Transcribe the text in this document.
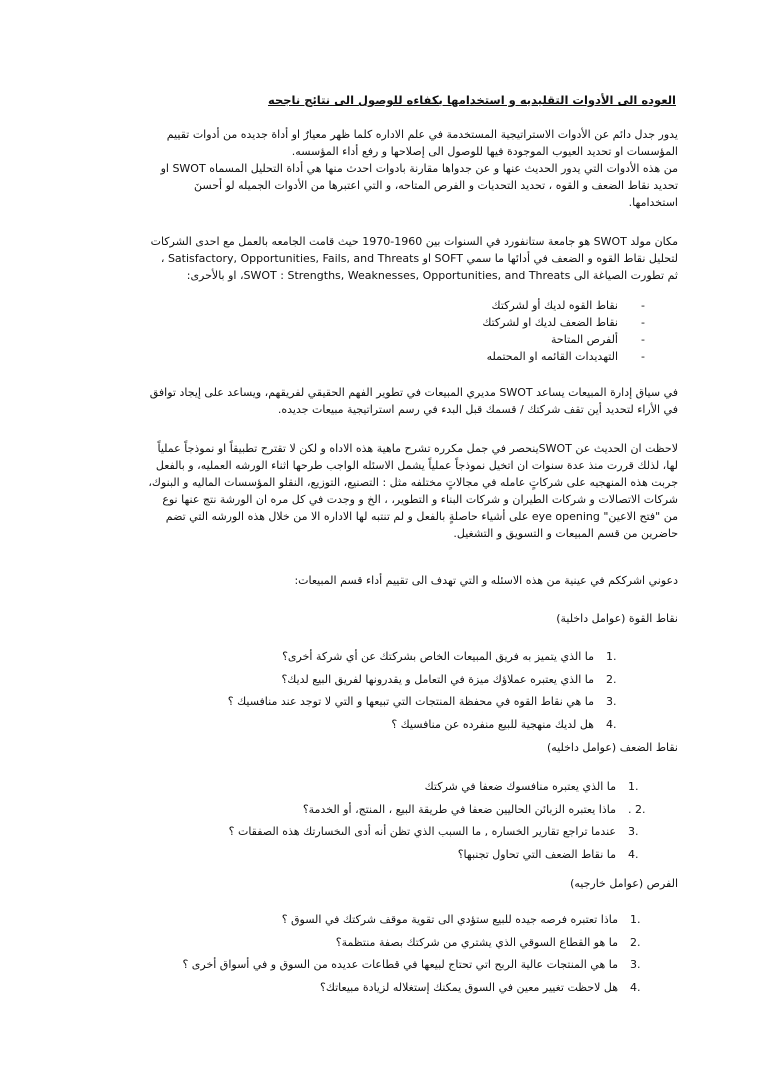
العوده الى الأدوات التقليديه و استخدامها بكفاءه للوصول الى نتائج ناجحه

يدور جدل دائم عن الأدوات الاستراتيجية المستخدمة في علم الاداره كلما ظهر معيارٌ او أداة جديده من أدوات تقييم

المؤسسات او تحديد العيوب الموجودة فيها للوصول الى إصلاحها و رفع أداء المؤسسه.

من هذه الأدوات التي يدور الحديث عنها و عن جدواها مقارنة بادوات احدث منها هي أداة التحليل المسماه SWOT او

تحديد نقاط الضعف و القوه ، تحديد التحديات و الفرص المتاحه، و التي اعتبرها من الأدوات الجميله لو أحسنَ

استخدامها.

مكان مولد SWOT هو جامعة ستانفورد في السنوات بين 1960-1970 حيث قامت الجامعه بالعمل مع احدى الشركات

لتحليل نقاط القوه و الضعف في أدائها ما سمي SOFT او Satisfactory, Opportunities, Fails, and Threats ،

ثم تطورت الصياغة الى SWOT : Strengths, Weaknesses, Opportunities, and Threats، او بالأحرى:

- نقاط القوه لديك أو لشركتك
- نقاط الضعف لديك او لشركتك
- ألفرص المتاحة
- التهديدات القائمه او المحتمله

في سياق إدارة المبيعات يساعد SWOT مديري المبيعات في تطوير الفهم الحقيقي لفريقهم، ويساعد على إيجاد توافق

في الأراء لتحديد أين تقف شركتك / قسمك قبل البدء في رسم استراتيجية مبيعات جديده.

لاحظت ان الحديث عن SWOTينحصر في جمل مكرره تشرح ماهية هذه الاداه و لكن لا تقترح تطبيقاً او نموذجاً عملياً

لها، لذلك قررت منذ عدة سنوات ان اتخيل نموذجاً عملياً يشمل الاسئله الواجب طرحها اثناء الورشه العمليه، و بالفعل

جربت هذه المنهجيه على شركاتٍ عامله في مجالاتٍ مختلفه مثل : التصنيع، التوزيع، النقلو المؤسسات الماليه و البنوك،

شركات الاتصالات و شركات الطيران و شركات البناء و التطوير، ، الخ و وجدت في كل مره ان الورشة نتج عنها نوع

من "فتح الاعين" eye opening على أشياء حاصلةٍ بالفعل و لم تنتبه لها الاداره الا من خلال هذه الورشه التي تضم

حاضرين من قسم المبيعات و التسويق و التشغيل.

دعوني اشرككم في عينية من هذه الاسئله و التي تهدف الى تقييم أداء قسم المبيعات:
نقاط القوة (عوامل داخلية)
1.
ما الذي يتميز به فريق المبيعات الخاص بشركتك عن أي شركة أخرى؟
2.
ما الذي يعتبره عملاؤك ميزة في التعامل و يقدرونها لفريق البيع لديك؟
3.
ما هي نقاط القوه في محفظة المنتجات التي تبيعها و التي لا توجد عند منافسيك ؟
4.
هل لديك منهجية للبيع منفرده عن منافسيك ؟
نقاط الضعف (عوامل داخليه)
1.
ما الذي يعتبره منافسوك ضعفا في شركتك
. 2.
ماذا يعتبره الزبائن الحاليين ضعفا في طريقة البيع ، المنتج، أو الخدمة؟
3.
عندما تراجع تقارير الخساره , ما السبب الذي تظن أنه أدى الىخسارتك هذه الصفقات ؟
4.
ما نقاط الضعف التي تحاول تجنبها؟
الفرص (عوامل خارجيه)
1.
ماذا تعتبره فرصه جيده للبيع ستؤدي الى تقوية موقف شركتك في السوق ؟
2.
ما هو القطاع السوقي الذي يشتري من شركتك بصفة منتظمة؟
3.
ما هي المنتجات عالية الربح اتي تحتاج لبيعها في قطاعات عديده من السوق و في أسواق أخرى ؟
4.
هل لاحظت تغيير معين في السوق يمكنك إستغلاله لزيادة مبيعاتك؟
